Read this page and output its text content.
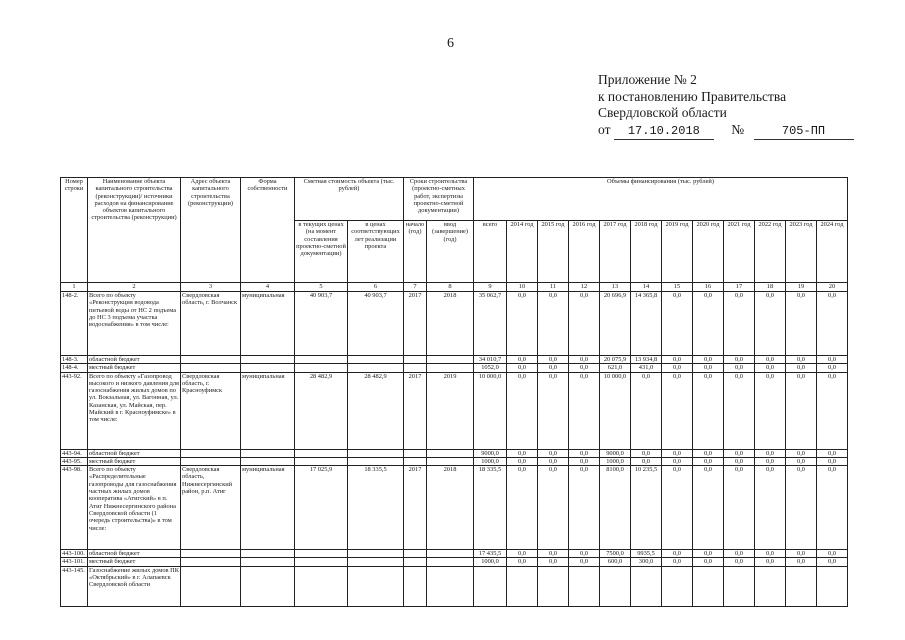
6
Приложение № 2
к постановлению Правительства
Свердловской области
от 17.10.2018 №	705-ПП
Номер строки	Наименование объекта капитального строительства (реконструкции)/ источники расходов на финансирование объектов капитального строительства (реконструкции)	Адрес объекта капитального строительства (реконструкции)	Форма собственности	Сметная стоимость объекта (тыс. рублей)		Сроки строительства (проектно-сметных работ, экспертизы проектно-сметной документации)		Объемы финансирования (тыс. рублей)											
				в текущих ценах (на момент составления проектно-сметной документации)	в ценах соответствующих лет реализации проекта	начало (год)	ввод (завершение) (год)	всего	2014 год	2015 год	2016 год	2017 год	2018 год	2019 год	2020 год	2021 год	2022 год	2023 год	2024 год
1	2	3	4	5	6	7	8	9	10	11	12	13	14	15	16	17	18	19	20
148-2.	Всего по объекту «Реконструкция водовода питьевой воды от НС 2 подъема до НС 3 подъема участка водоснабжения» в том числе:	Свердловская область, г. Волчанск	муниципальная	40 903,7	40 903,7	2017	2018	35 062,7	0,0	0,0	0,0	20 696,9	14 365,8	0,0	0,0	0,0	0,0	0,0	0,0
148-3.	областной бюджет							34 010,7	0,0	0,0	0,0	20 075,9	13 934,8	0,0	0,0	0,0	0,0	0,0	0,0
148-4.	местный бюджет							1052,0	0,0	0,0	0,0	621,0	431,0	0,0	0,0	0,0	0,0	0,0	0,0
443-92.	Всего по объекту «Газопровод высокого и низкого давления для газоснабжения жилых домов по ул. Вокзальная, ул. Вагонная, ул. Казанская, ул. Майская, пер. Майский в г. Красноуфимске» в том числе:	Свердловская область, г. Красноуфимск	муниципальная	28 482,9	28 482,9	2017	2019	10 000,0	0,0	0,0	0,0	10 000,0	0,0	0,0	0,0	0,0	0,0	0,0	0,0
443-94.	областной бюджет							9000,0	0,0	0,0	0,0	9000,0	0,0	0,0	0,0	0,0	0,0	0,0	0,0
443-95.	местный бюджет							1000,0	0,0	0,0	0,0	1000,0	0,0	0,0	0,0	0,0	0,0	0,0	0,0
443-98.	Всего по объекту «Распределительные газопроводы для газоснабжения частных жилых домов кооператива «Атигский» в п. Атиг Нижнесергинского района Свердловской области (1 очередь строительства)» в том числе:	Свердловская область, Нижнесергинский район, р.п. Атиг	муниципальная	17 025,9	18 335,5	2017	2018	18 335,5	0,0	0,0	0,0	8100,0	10 235,5	0,0	0,0	0,0	0,0	0,0	0,0
443-100.	областной бюджет							17 435,5	0,0	0,0	0,0	7500,0	9935,5	0,0	0,0	0,0	0,0	0,0	0,0
443-101.	местный бюджет							1000,0	0,0	0,0	0,0	600,0	300,0	0,0	0,0	0,0	0,0	0,0	0,0
443-145.	Газоснабжение жилых домов ПК «Октябрьский» в г. Алапаевск Свердловской области																		
